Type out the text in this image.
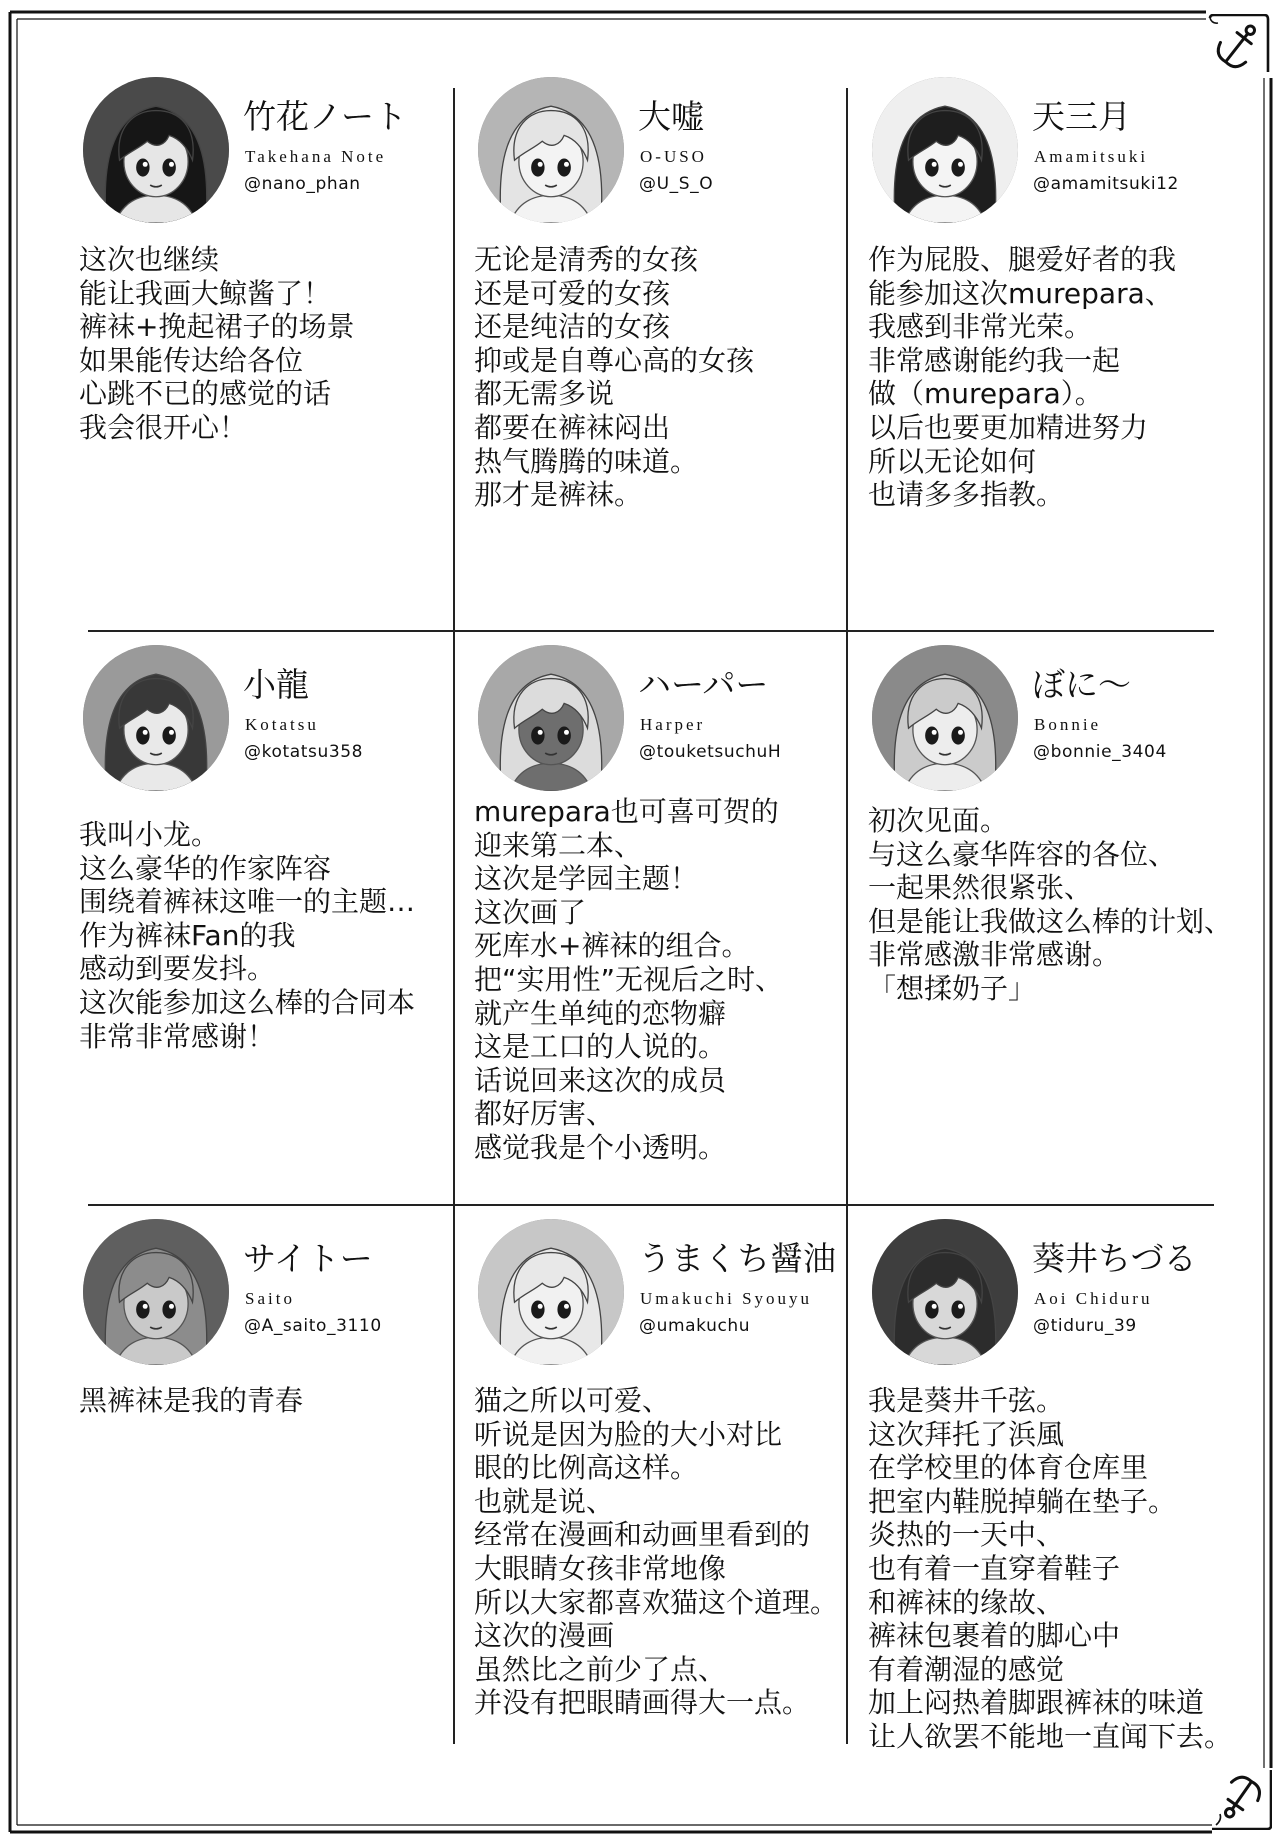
竹花ノート
Takehana Note
@nano_phan
这次也继续
能让我画大鲸酱了！
裤袜+挽起裙子的场景
如果能传达给各位
心跳不已的感觉的话
我会很开心！
大嘘
O-USO
@U_S_O
无论是清秀的女孩
还是可爱的女孩
还是纯洁的女孩
抑或是自尊心高的女孩
都无需多说
都要在裤袜闷出
热气腾腾的味道。
那才是裤袜。
天三月
Amamitsuki
@amamitsuki12
作为屁股、腿爱好者的我
能参加这次murepara、
我感到非常光荣。
非常感谢能约我一起
做（murepara）。
以后也要更加精进努力
所以无论如何
也请多多指教。
小龍
Kotatsu
@kotatsu358
我叫小龙。
这么豪华的作家阵容
围绕着裤袜这唯一的主题…
作为裤袜Fan的我
感动到要发抖。
这次能参加这么棒的合同本
非常非常感谢！
ハーパー
Harper
@touketsuchuH
murepara也可喜可贺的
迎来第二本、
这次是学园主题！
这次画了
死库水+裤袜的组合。
把“实用性”无视后之时、
就产生单纯的恋物癖
这是工口的人说的。
话说回来这次的成员
都好厉害、
感觉我是个小透明。
ぼに〜
Bonnie
@bonnie_3404
初次见面。
与这么豪华阵容的各位、
一起果然很紧张、
但是能让我做这么棒的计划、
非常感激非常感谢。
「想揉奶子」
サイトー
Saito
@A_saito_3110
黑裤袜是我的青春
うまくち醤油
Umakuchi Syouyu
@umakuchu
猫之所以可爱、
听说是因为脸的大小对比
眼的比例高这样。
也就是说、
经常在漫画和动画里看到的
大眼睛女孩非常地像
所以大家都喜欢猫这个道理。
这次的漫画
虽然比之前少了点、
并没有把眼睛画得大一点。
葵井ちづる
Aoi Chiduru
@tiduru_39
我是葵井千弦。
这次拜托了浜風
在学校里的体育仓库里
把室内鞋脱掉躺在垫子。
炎热的一天中、
也有着一直穿着鞋子
和裤袜的缘故、
裤袜包裹着的脚心中
有着潮湿的感觉
加上闷热着脚跟裤袜的味道
让人欲罢不能地一直闻下去。
